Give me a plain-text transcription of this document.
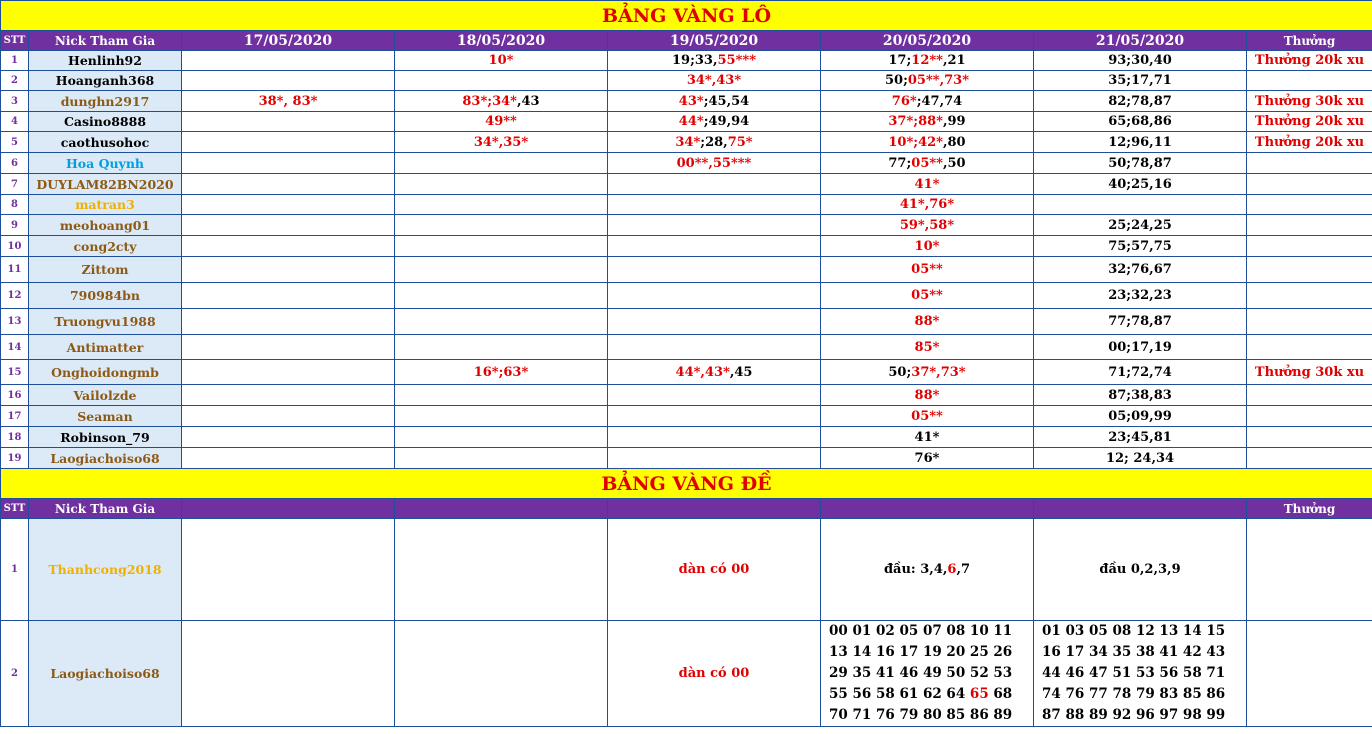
BẢNG VÀNG LÔ							
STT	Nick Tham Gia	17/05/2020	18/05/2020	19/05/2020	20/05/2020	21/05/2020	Thưởng
1	Henlinh92		10*	19;33,55***	17;12**,21	93;30,40	Thưởng 20k xu
2	Hoanganh368			34*,43*	50;05**,73*	35;17,71	
3	dunghn2917	38*, 83*	83*;34*,43	43*;45,54	76*;47,74	82;78,87	Thưởng 30k xu
4	Casino8888		49**	44*;49,94	37*;88*,99	65;68,86	Thưởng 20k xu
5	caothusohoc		34*,35*	34*;28,75*	10*;42*,80	12;96,11	Thưởng 20k xu
6	Hoa Quynh			00**,55***	77;05**,50	50;78,87	
7	DUYLAM82BN2020				41*	40;25,16	
8	matran3				41*,76*		
9	meohoang01				59*,58*	25;24,25	
10	cong2cty				10*	75;57,75	
11	Zittom				05**	32;76,67	
12	790984bn				05**	23;32,23	
13	Truongvu1988				88*	77;78,87	
14	Antimatter				85*	00;17,19	
15	Onghoidongmb		16*;63*	44*,43*,45	50;37*,73*	71;72,74	Thưởng 30k xu
16	Vailolzde				88*	87;38,83	
17	Seaman				05**	05;09,99	
18	Robinson_79				41*	23;45,81	
19	Laogiachoiso68				76*	12; 24,34	
BẢNG VÀNG ĐỀ							
STT	Nick Tham Gia						Thưởng
1	Thanhcong2018			dàn có 00	đầu: 3,4,6,7	đầu 0,2,3,9	
2	Laogiachoiso68			dàn có 00	00 01 02 05 07 08 10 11 13 14 16 17 19 20 25 26 29 35 41 46 49 50 52 53 55 56 58 61 62 64 65 68 70 71 76 79 80 85 86 89	01 03 05 08 12 13 14 15 16 17 34 35 38 41 42 43 44 46 47 51 53 56 58 71 74 76 77 78 79 83 85 86 87 88 89 92 96 97 98 99	
